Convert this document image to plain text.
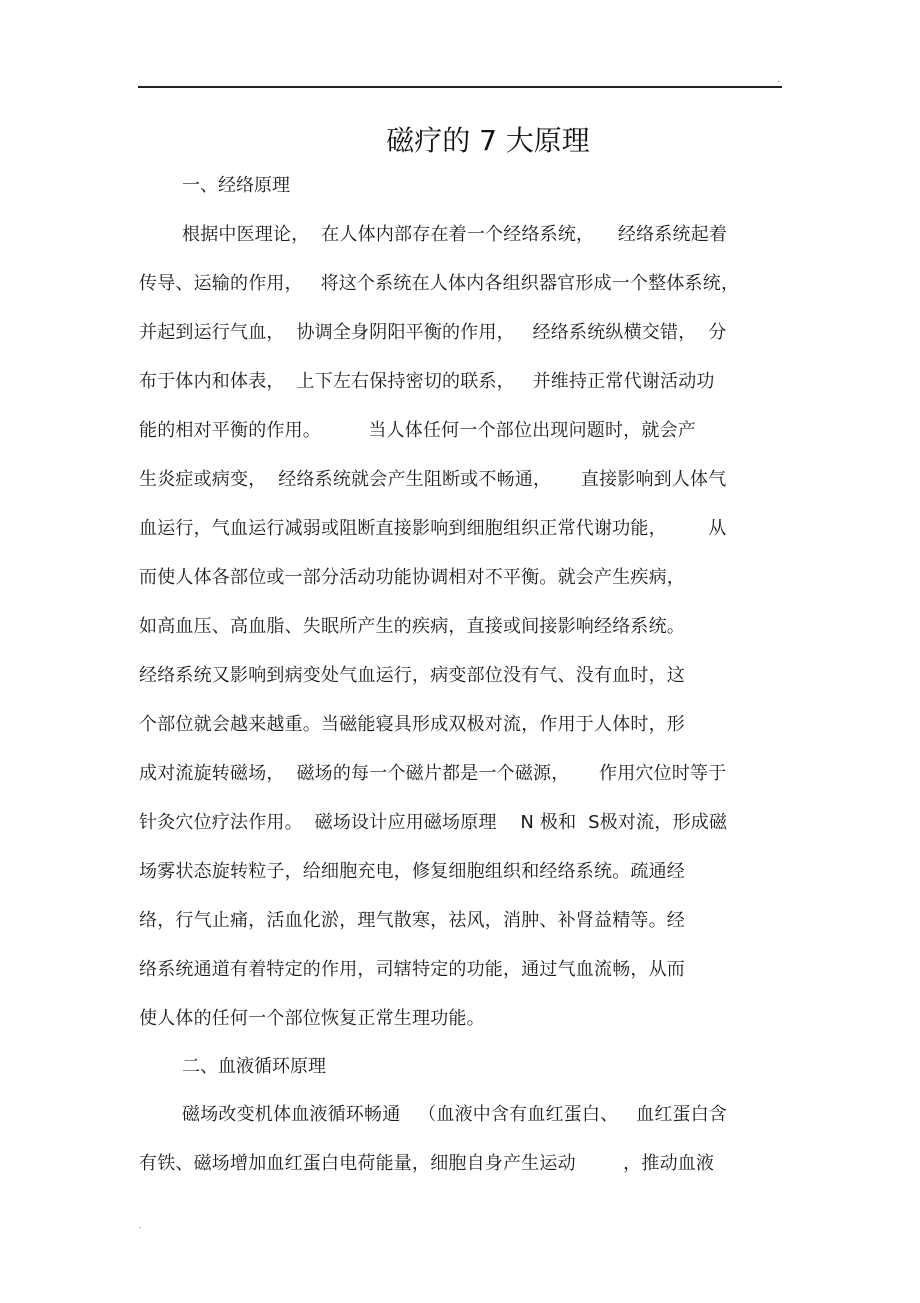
.
磁疗的 7 大原理
一、经络原理
根据中医理论，  在人体内部存在着一个经络系统，    经络系统起着
传导、运输的作用，   将这个系统在人体内各组织器官形成一个整体系统，
并起到运行气血，  协调全身阴阳平衡的作用，   经络系统纵横交错，  分
布于体内和体表，  上下左右保持密切的联系，   并维持正常代谢活动功
能的相对平衡的作用。        当人体任何一个部位出现问题时，就会产
生炎症或病变，  经络系统就会产生阻断或不畅通，     直接影响到人体气
血运行，气血运行减弱或阻断直接影响到细胞组织正常代谢功能，       从
而使人体各部位或一部分活动功能协调相对不平衡。就会产生疾病，
如高血压、高血脂、失眠所产生的疾病，直接或间接影响经络系统。
经络系统又影响到病变处气血运行，病变部位没有气、没有血时，这
个部位就会越来越重。当磁能寝具形成双极对流，作用于人体时，形
成对流旋转磁场，  磁场的每一个磁片都是一个磁源，     作用穴位时等于
针灸穴位疗法作用。  磁场设计应用磁场原理    N 极和  S极对流，形成磁
场雾状态旋转粒子，给细胞充电，修复细胞组织和经络系统。疏通经
络，行气止痛，活血化淤，理气散寒，祛风，消肿、补肾益精等。经
络系统通道有着特定的作用，司辖特定的功能，通过气血流畅，从而
使人体的任何一个部位恢复正常生理功能。
二、血液循环原理
磁场改变机体血液循环畅通   （血液中含有血红蛋白、   血红蛋白含
有铁、磁场增加血红蛋白电荷能量，细胞自身产生运动        ，推动血液
.
